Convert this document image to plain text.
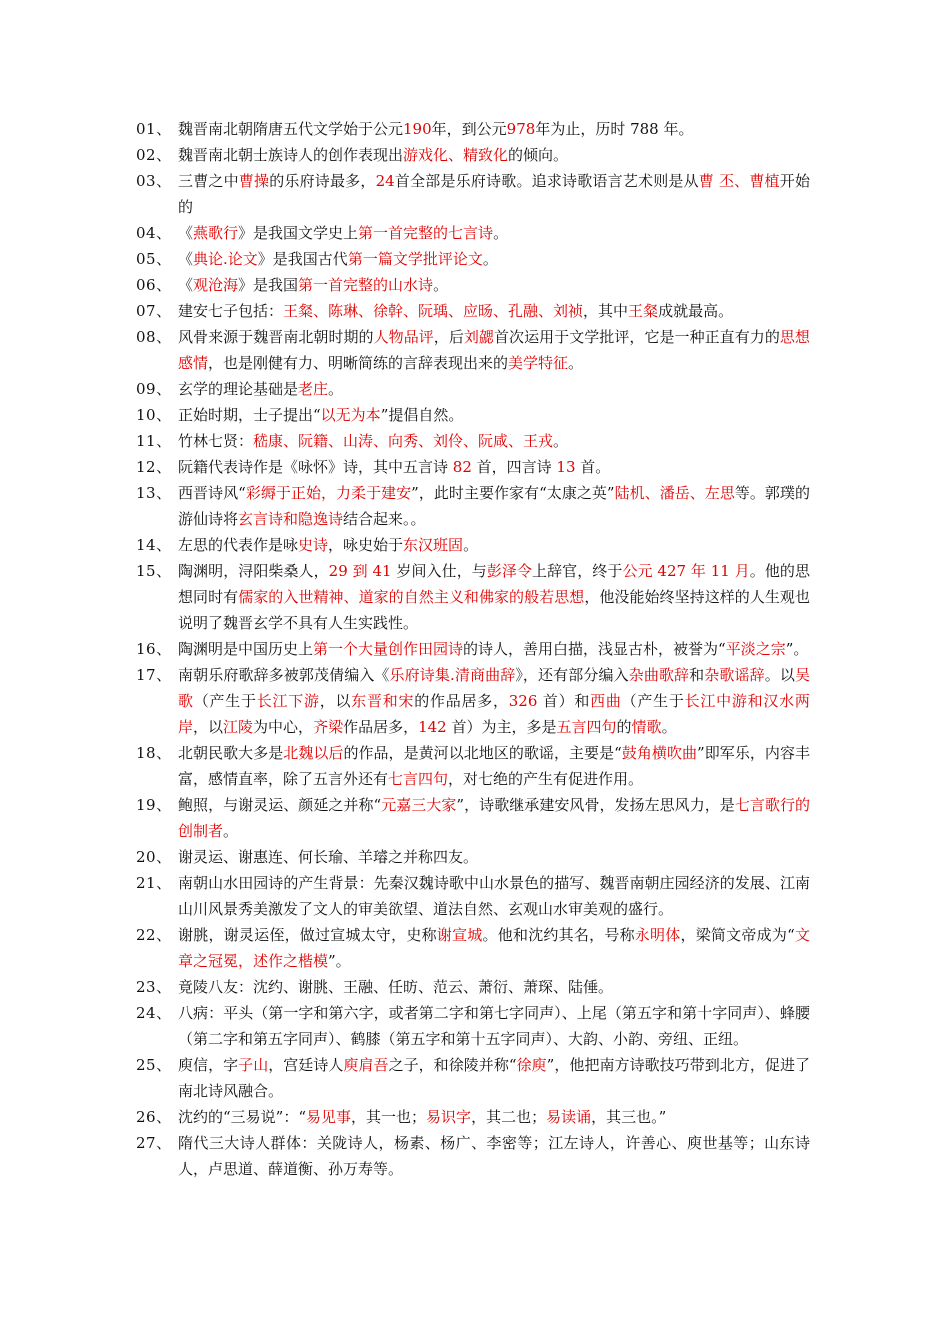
01、 魏晋南北朝隋唐五代文学始于公元190年，到公元978年为止，历时 788 年。
02、 魏晋南北朝士族诗人的创作表现出游戏化、精致化的倾向。
03、 三曹之中曹操的乐府诗最多，24首全部是乐府诗歌。追求诗歌语言艺术则是从曹 丕、曹植开始的
04、 《燕歌行》是我国文学史上第一首完整的七言诗。
05、 《典论.论文》是我国古代第一篇文学批评论文。
06、 《观沧海》是我国第一首完整的山水诗。
07、 建安七子包括：王粲、陈琳、徐幹、阮瑀、应旸、孔融、刘祯，其中王粲成就最高。
08、 风骨来源于魏晋南北朝时期的人物品评，后刘勰首次运用于文学批评，它是一种正直有力的思想感情，也是刚健有力、明晰简练的言辞表现出来的美学特征。
09、 玄学的理论基础是老庄。
10、 正始时期，士子提出“以无为本”提倡自然。
11、 竹林七贤：嵇康、阮籍、山涛、向秀、刘伶、阮咸、王戎。
12、 阮籍代表诗作是《咏怀》诗，其中五言诗 82 首，四言诗 13 首。
13、 西晋诗风“彩缛于正始，力柔于建安”，此时主要作家有“太康之英”陆机、潘岳、左思等。郭璞的游仙诗将玄言诗和隐逸诗结合起来。。
14、 左思的代表作是咏史诗，咏史始于东汉班固。
15、 陶渊明，浔阳柴桑人，29 到 41 岁间入仕，与彭泽令上辞官，终于公元 427 年 11 月。他的思想同时有儒家的入世精神、道家的自然主义和佛家的般若思想，他没能始终坚持这样的人生观也说明了魏晋玄学不具有人生实践性。
16、 陶渊明是中国历史上第一个大量创作田园诗的诗人，善用白描，浅显古朴，被誉为“平淡之宗”。
17、 南朝乐府歌辞多被郭茂倩编入《乐府诗集.清商曲辞》，还有部分编入杂曲歌辞和杂歌谣辞。以吴歌（产生于长江下游，以东晋和宋的作品居多，326 首）和西曲（产生于长江中游和汉水两岸，以江陵为中心，齐梁作品居多，142 首）为主，多是五言四句的情歌。
18、 北朝民歌大多是北魏以后的作品，是黄河以北地区的歌谣，主要是“鼓角横吹曲”即军乐，内容丰富，感情直率，除了五言外还有七言四句，对七绝的产生有促进作用。
19、 鲍照，与谢灵运、颜延之并称“元嘉三大家”，诗歌继承建安风骨，发扬左思风力，是七言歌行的创制者。
20、 谢灵运、谢惠连、何长瑜、羊璿之并称四友。
21、 南朝山水田园诗的产生背景：先秦汉魏诗歌中山水景色的描写、魏晋南朝庄园经济的发展、江南山川风景秀美激发了文人的审美欲望、道法自然、玄观山水审美观的盛行。
22、 谢朓，谢灵运侄，做过宣城太守，史称谢宣城。他和沈约其名，号称永明体，梁简文帝成为“文章之冠冕，述作之楷模”。
23、 竟陵八友：沈约、谢朓、王融、任昉、范云、萧衍、萧琛、陆倕。
24、 八病：平头（第一字和第六字，或者第二字和第七字同声）、上尾（第五字和第十字同声）、蜂腰（第二字和第五字同声）、鹤膝（第五字和第十五字同声）、大韵、小韵、旁纽、正纽。
25、 庾信，字子山，宫廷诗人庾肩吾之子，和徐陵并称“徐庾”，他把南方诗歌技巧带到北方，促进了南北诗风融合。
26、 沈约的“三易说”：“易见事，其一也；易识字，其二也；易读诵，其三也。”
27、 隋代三大诗人群体：关陇诗人，杨素、杨广、李密等；江左诗人，许善心、庾世基等；山东诗人，卢思道、薛道衡、孙万寿等。
